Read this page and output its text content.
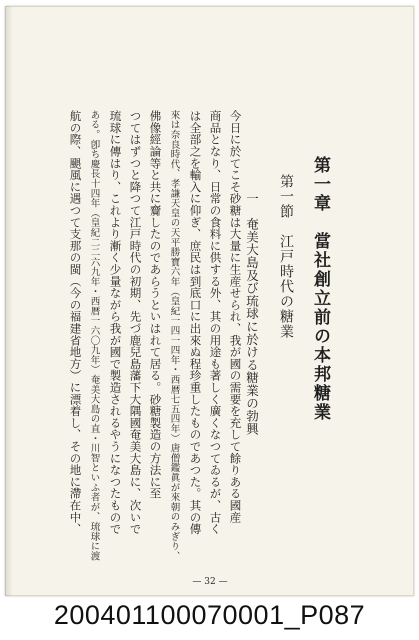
第一章　當社創立前の本邦糖業
第一節　江戸時代の糖業
一　奄美大島及び琉球に於ける糖業の勃興
今日に於てこそ砂糖は大量に生産せられ、我が國の需要を充して餘りある國産
商品となり、日常の食料に供する外、其の用途も著しく廣くなつてゐるが、古く
は全部之を輸入に仰ぎ、庶民は到底口に出來ぬ程珍重したものであつた。其の傳
來は奈良時代、孝謙天皇の天平勝寶六年（皇紀一四一四年・西暦七五四年）唐僧鑑眞が來朝のみぎり、
佛像經論等と共に齎したのであらうといはれて居る。砂糖製造の方法に至
つてはずつと降つて江戸時代の初期、先づ鹿兒島藩下大隅國奄美大島に、次いで
琉球に傳はり、これより漸く少量ながら我が國で製造されるやうになつたもので
ある。卽ち慶長十四年（皇紀二二六九年・西暦一六〇九年）奄美大島の直・川智といふ者が、琉球に渡
航の際、颶風に遇つて支那の閩（今の福建省地方）に漂着し、その地に滯在中、
— 32 —
200401100070001_P087
